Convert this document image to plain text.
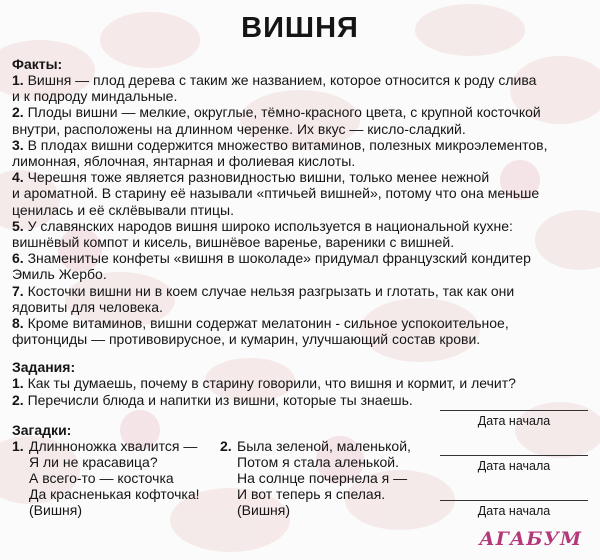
ВИШНЯ
Факты:
1. Вишня — плод дерева с таким же названием, которое относится к роду слива
и к подроду миндальные.
2. Плоды вишни — мелкие, округлые, тёмно-красного цвета, с крупной косточкой
внутри, расположены на длинном черенке. Их вкус — кисло-сладкий.
3. В плодах вишни содержится множество витаминов, полезных микроэлементов,
лимонная, яблочная, янтарная и фолиевая кислоты.
4. Черешня тоже является разновидностью вишни, только менее нежной
и ароматной. В старину её называли «птичьей вишней», потому что она меньше
ценилась и её склёвывали птицы.
5. У славянских народов вишня широко используется в национальной кухне:
вишнёвый компот и кисель, вишнёвое варенье, вареники с вишней.
6. Знаменитые конфеты «вишня в шоколаде» придумал французский кондитер
Эмиль Жербо.
7. Косточки вишни ни в коем случае нельзя разгрызать и глотать, так как они
ядовиты для человека.
8. Кроме витаминов, вишни содержат мелатонин - сильное успокоительное,
фитонциды — противовирусное, и кумарин, улучшающий состав крови.
Задания:
1. Как ты думаешь, почему в старину говорили, что вишня и кормит, и лечит?
2. Перечисли блюда и напитки из вишни, которые ты знаешь.
Загадки:
1. Длинноножка хвалится —
Я ли не красавица?
А всего-то — косточка
Да красненькая кофточка!
(Вишня)
2. Была зеленой, маленькой,
Потом я стала аленькой.
На солнце почернела я —
И вот теперь я спелая.
(Вишня)
Дата начала
Дата начала
Дата начала
АГАБУМ
